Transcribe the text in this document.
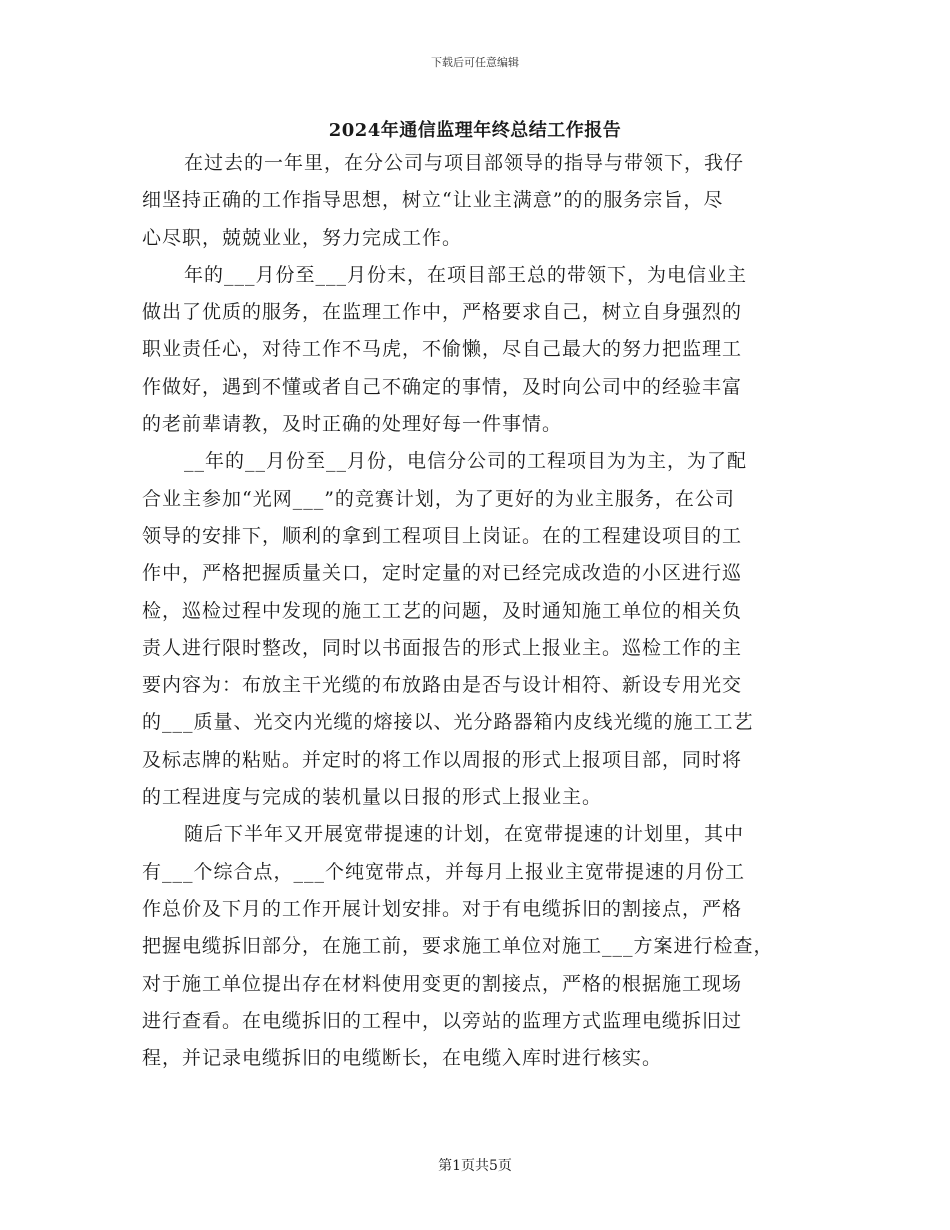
下载后可任意编辑
2024年通信监理年终总结工作报告
在过去的一年里，在分公司与项目部领导的指导与带领下，我仔
细坚持正确的工作指导思想，树立“让业主满意”的的服务宗旨，尽
心尽职，兢兢业业，努力完成工作。
年的___月份至___月份末，在项目部王总的带领下，为电信业主
做出了优质的服务，在监理工作中，严格要求自己，树立自身强烈的
职业责任心，对待工作不马虎，不偷懒，尽自己最大的努力把监理工
作做好，遇到不懂或者自己不确定的事情，及时向公司中的经验丰富
的老前辈请教，及时正确的处理好每一件事情。
__年的__月份至__月份，电信分公司的工程项目为为主，为了配
合业主参加“光网___”的竞赛计划，为了更好的为业主服务，在公司
领导的安排下，顺利的拿到工程项目上岗证。在的工程建设项目的工
作中，严格把握质量关口，定时定量的对已经完成改造的小区进行巡
检，巡检过程中发现的施工工艺的问题，及时通知施工单位的相关负
责人进行限时整改，同时以书面报告的形式上报业主。巡检工作的主
要内容为：布放主干光缆的布放路由是否与设计相符、新设专用光交
的___质量、光交内光缆的熔接以、光分路器箱内皮线光缆的施工工艺
及标志牌的粘贴。并定时的将工作以周报的形式上报项目部，同时将
的工程进度与完成的装机量以日报的形式上报业主。
随后下半年又开展宽带提速的计划，在宽带提速的计划里，其中
有___个综合点，___个纯宽带点，并每月上报业主宽带提速的月份工
作总价及下月的工作开展计划安排。对于有电缆拆旧的割接点，严格
把握电缆拆旧部分，在施工前，要求施工单位对施工___方案进行检查，
对于施工单位提出存在材料使用变更的割接点，严格的根据施工现场
进行查看。在电缆拆旧的工程中，以旁站的监理方式监理电缆拆旧过
程，并记录电缆拆旧的电缆断长，在电缆入库时进行核实。
第1页共5页
